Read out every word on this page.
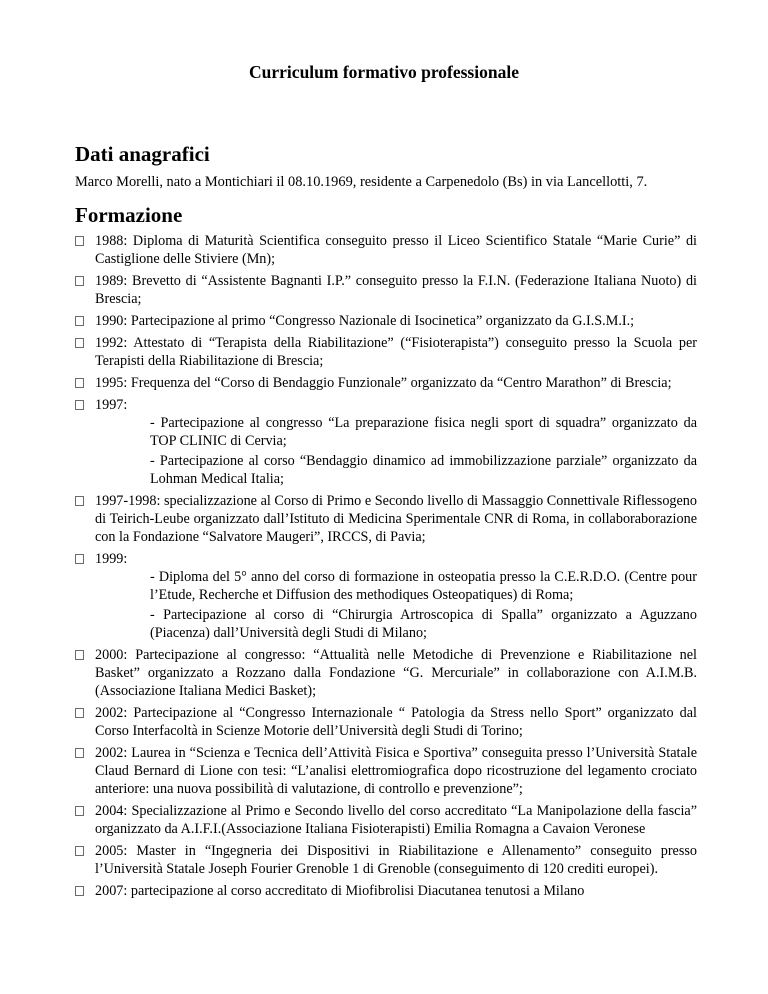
Curriculum formativo professionale
Dati anagrafici
Marco Morelli, nato a Montichiari il 08.10.1969, residente a Carpenedolo (Bs) in via Lancellotti, 7.
Formazione
1988: Diploma di Maturità Scientifica conseguito presso il Liceo Scientifico Statale “Marie Curie” di Castiglione delle Stiviere (Mn);
1989: Brevetto di “Assistente Bagnanti I.P.” conseguito presso la F.I.N. (Federazione Italiana Nuoto) di Brescia;
1990: Partecipazione al primo “Congresso Nazionale di Isocinetica” organizzato da G.I.S.M.I.;
1992: Attestato di “Terapista della Riabilitazione” (“Fisioterapista”) conseguito presso la Scuola per Terapisti della Riabilitazione di Brescia;
1995: Frequenza del “Corso di Bendaggio Funzionale” organizzato da “Centro Marathon” di Brescia;
1997:
- Partecipazione al congresso “La preparazione fisica negli sport di squadra” organizzato da TOP CLINIC di Cervia;
- Partecipazione al corso “Bendaggio dinamico ad immobilizzazione parziale” organizzato da Lohman Medical Italia;
1997-1998: specializzazione al Corso di Primo e Secondo livello di Massaggio Connettivale Riflessogeno di Teirich-Leube organizzato dall’Istituto di Medicina Sperimentale CNR di Roma, in collaboraborazione con la Fondazione “Salvatore Maugeri”, IRCCS, di Pavia;
1999:
- Diploma del 5° anno del corso di formazione in osteopatia presso la C.E.R.D.O. (Centre pour l’Etude, Recherche et Diffusion des methodiques Osteopatiques) di Roma;
- Partecipazione al corso di “Chirurgia Artroscopica di Spalla” organizzato a Aguzzano (Piacenza) dall’Università degli Studi di Milano;
2000: Partecipazione al congresso: “Attualità nelle Metodiche di Prevenzione e Riabilitazione nel Basket” organizzato a Rozzano dalla Fondazione “G. Mercuriale” in collaborazione con A.I.M.B. (Associazione Italiana Medici Basket);
2002: Partecipazione al “Congresso Internazionale “ Patologia da Stress nello Sport” organizzato dal Corso Interfacoltà in Scienze Motorie dell’Università degli Studi di Torino;
2002: Laurea in “Scienza e Tecnica dell’Attività Fisica e Sportiva” conseguita presso l’Università Statale Claud Bernard di Lione con tesi: “L’analisi elettromiografica dopo ricostruzione del legamento crociato anteriore: una nuova possibilità di valutazione, di controllo e prevenzione”;
2004: Specializzazione al Primo e Secondo livello del corso accreditato “La Manipolazione della fascia” organizzato da A.I.F.I.(Associazione Italiana Fisioterapisti) Emilia Romagna a Cavaion Veronese
2005: Master in “Ingegneria dei Dispositivi in Riabilitazione e Allenamento” conseguito presso l’Università Statale Joseph Fourier Grenoble 1 di Grenoble (conseguimento di 120 crediti europei).
2007: partecipazione al corso accreditato di Miofibrolisi Diacutanea tenutosi a Milano
